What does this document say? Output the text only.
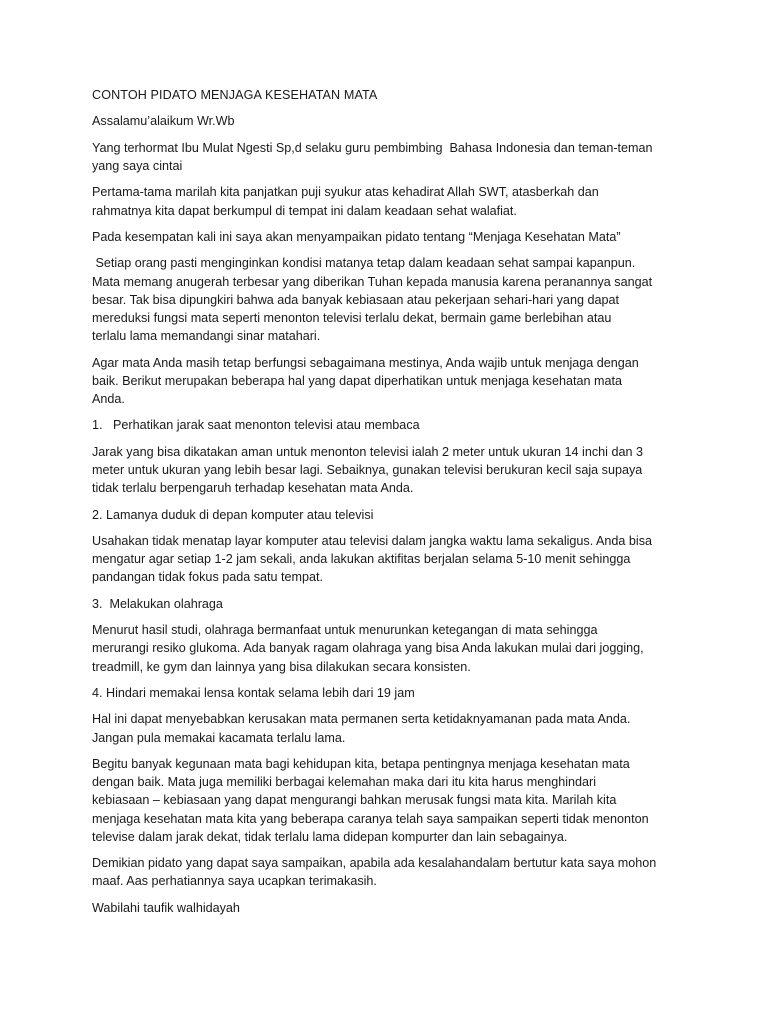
CONTOH PIDATO MENJAGA KESEHATAN MATA
Assalamu’alaikum Wr.Wb
Yang terhormat Ibu Mulat Ngesti Sp,d selaku guru pembimbing  Bahasa Indonesia dan teman-teman
yang saya cintai
Pertama-tama marilah kita panjatkan puji syukur atas kehadirat Allah SWT, atasberkah dan
rahmatnya kita dapat berkumpul di tempat ini dalam keadaan sehat walafiat.
Pada kesempatan kali ini saya akan menyampaikan pidato tentang “Menjaga Kesehatan Mata”
Setiap orang pasti menginginkan kondisi matanya tetap dalam keadaan sehat sampai kapanpun.
Mata memang anugerah terbesar yang diberikan Tuhan kepada manusia karena peranannya sangat
besar. Tak bisa dipungkiri bahwa ada banyak kebiasaan atau pekerjaan sehari-hari yang dapat
mereduksi fungsi mata seperti menonton televisi terlalu dekat, bermain game berlebihan atau
terlalu lama memandangi sinar matahari.
Agar mata Anda masih tetap berfungsi sebagaimana mestinya, Anda wajib untuk menjaga dengan
baik. Berikut merupakan beberapa hal yang dapat diperhatikan untuk menjaga kesehatan mata
Anda.
1.   Perhatikan jarak saat menonton televisi atau membaca
Jarak yang bisa dikatakan aman untuk menonton televisi ialah 2 meter untuk ukuran 14 inchi dan 3
meter untuk ukuran yang lebih besar lagi. Sebaiknya, gunakan televisi berukuran kecil saja supaya
tidak terlalu berpengaruh terhadap kesehatan mata Anda.
2. Lamanya duduk di depan komputer atau televisi
Usahakan tidak menatap layar komputer atau televisi dalam jangka waktu lama sekaligus. Anda bisa
mengatur agar setiap 1-2 jam sekali, anda lakukan aktifitas berjalan selama 5-10 menit sehingga
pandangan tidak fokus pada satu tempat.
3.  Melakukan olahraga
Menurut hasil studi, olahraga bermanfaat untuk menurunkan ketegangan di mata sehingga
merurangi resiko glukoma. Ada banyak ragam olahraga yang bisa Anda lakukan mulai dari jogging,
treadmill, ke gym dan lainnya yang bisa dilakukan secara konsisten.
4. Hindari memakai lensa kontak selama lebih dari 19 jam
Hal ini dapat menyebabkan kerusakan mata permanen serta ketidaknyamanan pada mata Anda.
Jangan pula memakai kacamata terlalu lama.
Begitu banyak kegunaan mata bagi kehidupan kita, betapa pentingnya menjaga kesehatan mata
dengan baik. Mata juga memiliki berbagai kelemahan maka dari itu kita harus menghindari
kebiasaan – kebiasaan yang dapat mengurangi bahkan merusak fungsi mata kita. Marilah kita
menjaga kesehatan mata kita yang beberapa caranya telah saya sampaikan seperti tidak menonton
televise dalam jarak dekat, tidak terlalu lama didepan kompurter dan lain sebagainya.
Demikian pidato yang dapat saya sampaikan, apabila ada kesalahandalam bertutur kata saya mohon
maaf. Aas perhatiannya saya ucapkan terimakasih.
Wabilahi taufik walhidayah
